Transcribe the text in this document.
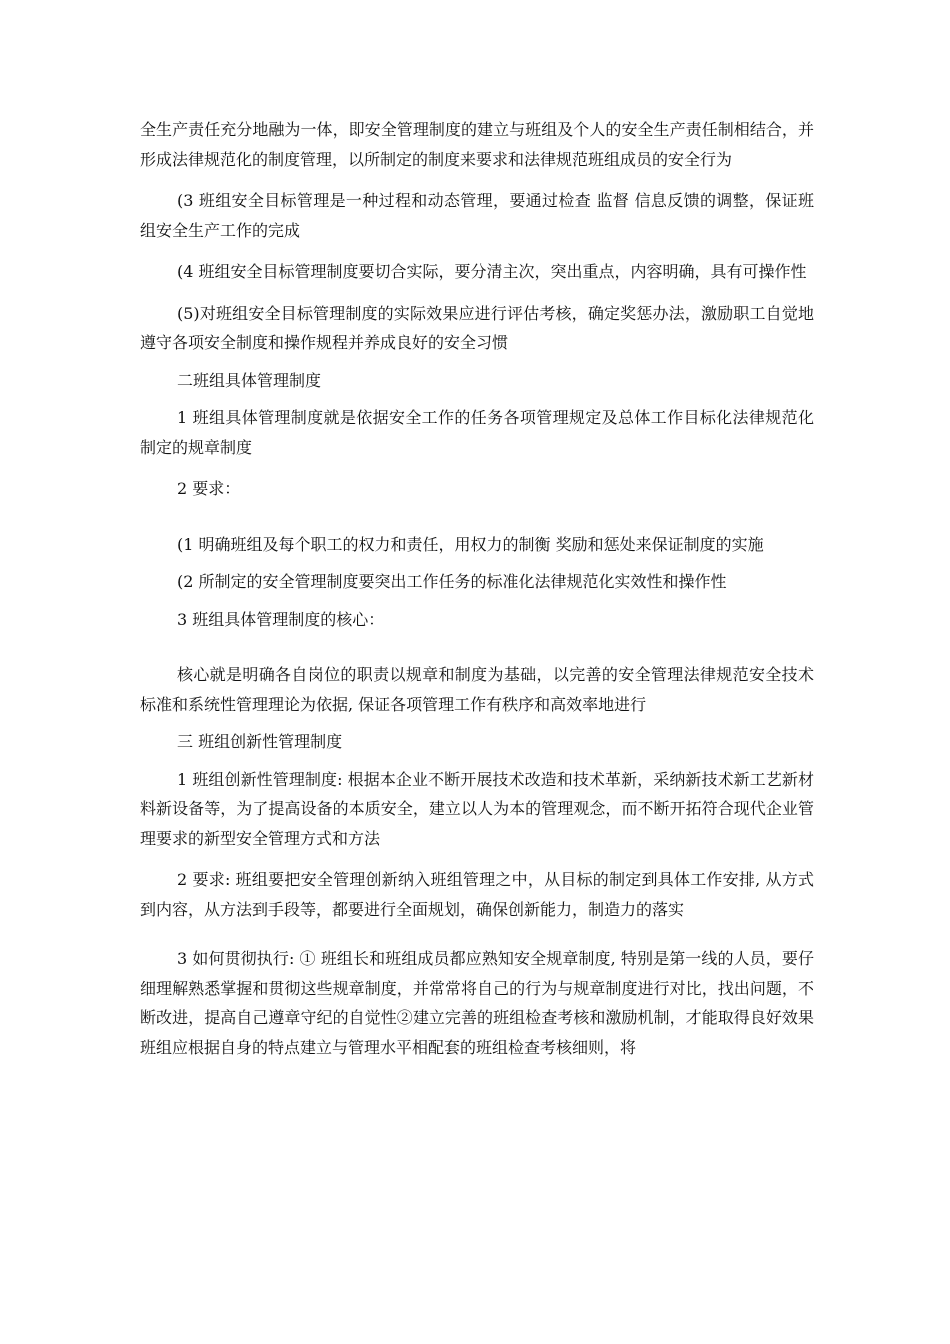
全生产责任充分地融为一体，即安全管理制度的建立与班组及个人的安全生产责任制相结合，并形成法律规范化的制度管理，以所制定的制度来要求和法律规范班组成员的安全行为

(3 班组安全目标管理是一种过程和动态管理，要通过检查 监督 信息反馈的调整，保证班组安全生产工作的完成

(4 班组安全目标管理制度要切合实际，要分清主次，突出重点，内容明确，具有可操作性

(5)对班组安全目标管理制度的实际效果应进行评估考核，确定奖惩办法，激励职工自觉地遵守各项安全制度和操作规程并养成良好的安全习惯

二班组具体管理制度

1 班组具体管理制度就是依据安全工作的任务各项管理规定及总体工作目标化法律规范化制定的规章制度

2 要求：

(1 明确班组及每个职工的权力和责任，用权力的制衡 奖励和惩处来保证制度的实施

(2 所制定的安全管理制度要突出工作任务的标准化法律规范化实效性和操作性

3 班组具体管理制度的核心：

核心就是明确各自岗位的职责以规章和制度为基础，以完善的安全管理法律规范安全技术标准和系统性管理理论为依据, 保证各项管理工作有秩序和高效率地进行

三 班组创新性管理制度

1 班组创新性管理制度: 根据本企业不断开展技术改造和技术革新，采纳新技术新工艺新材料新设备等，为了提高设备的本质安全，建立以人为本的管理观念，而不断开拓符合现代企业管理要求的新型安全管理方式和方法

2 要求: 班组要把安全管理创新纳入班组管理之中，从目标的制定到具体工作安排, 从方式到内容，从方法到手段等，都要进行全面规划，确保创新能力，制造力的落实

3 如何贯彻执行: ① 班组长和班组成员都应熟知安全规章制度, 特别是第一线的人员，要仔细理解熟悉掌握和贯彻这些规章制度，并常常将自己的行为与规章制度进行对比，找出问题，不断改进，提高自己遵章守纪的自觉性②建立完善的班组检查考核和激励机制，才能取得良好效果班组应根据自身的特点建立与管理水平相配套的班组检查考核细则，将
